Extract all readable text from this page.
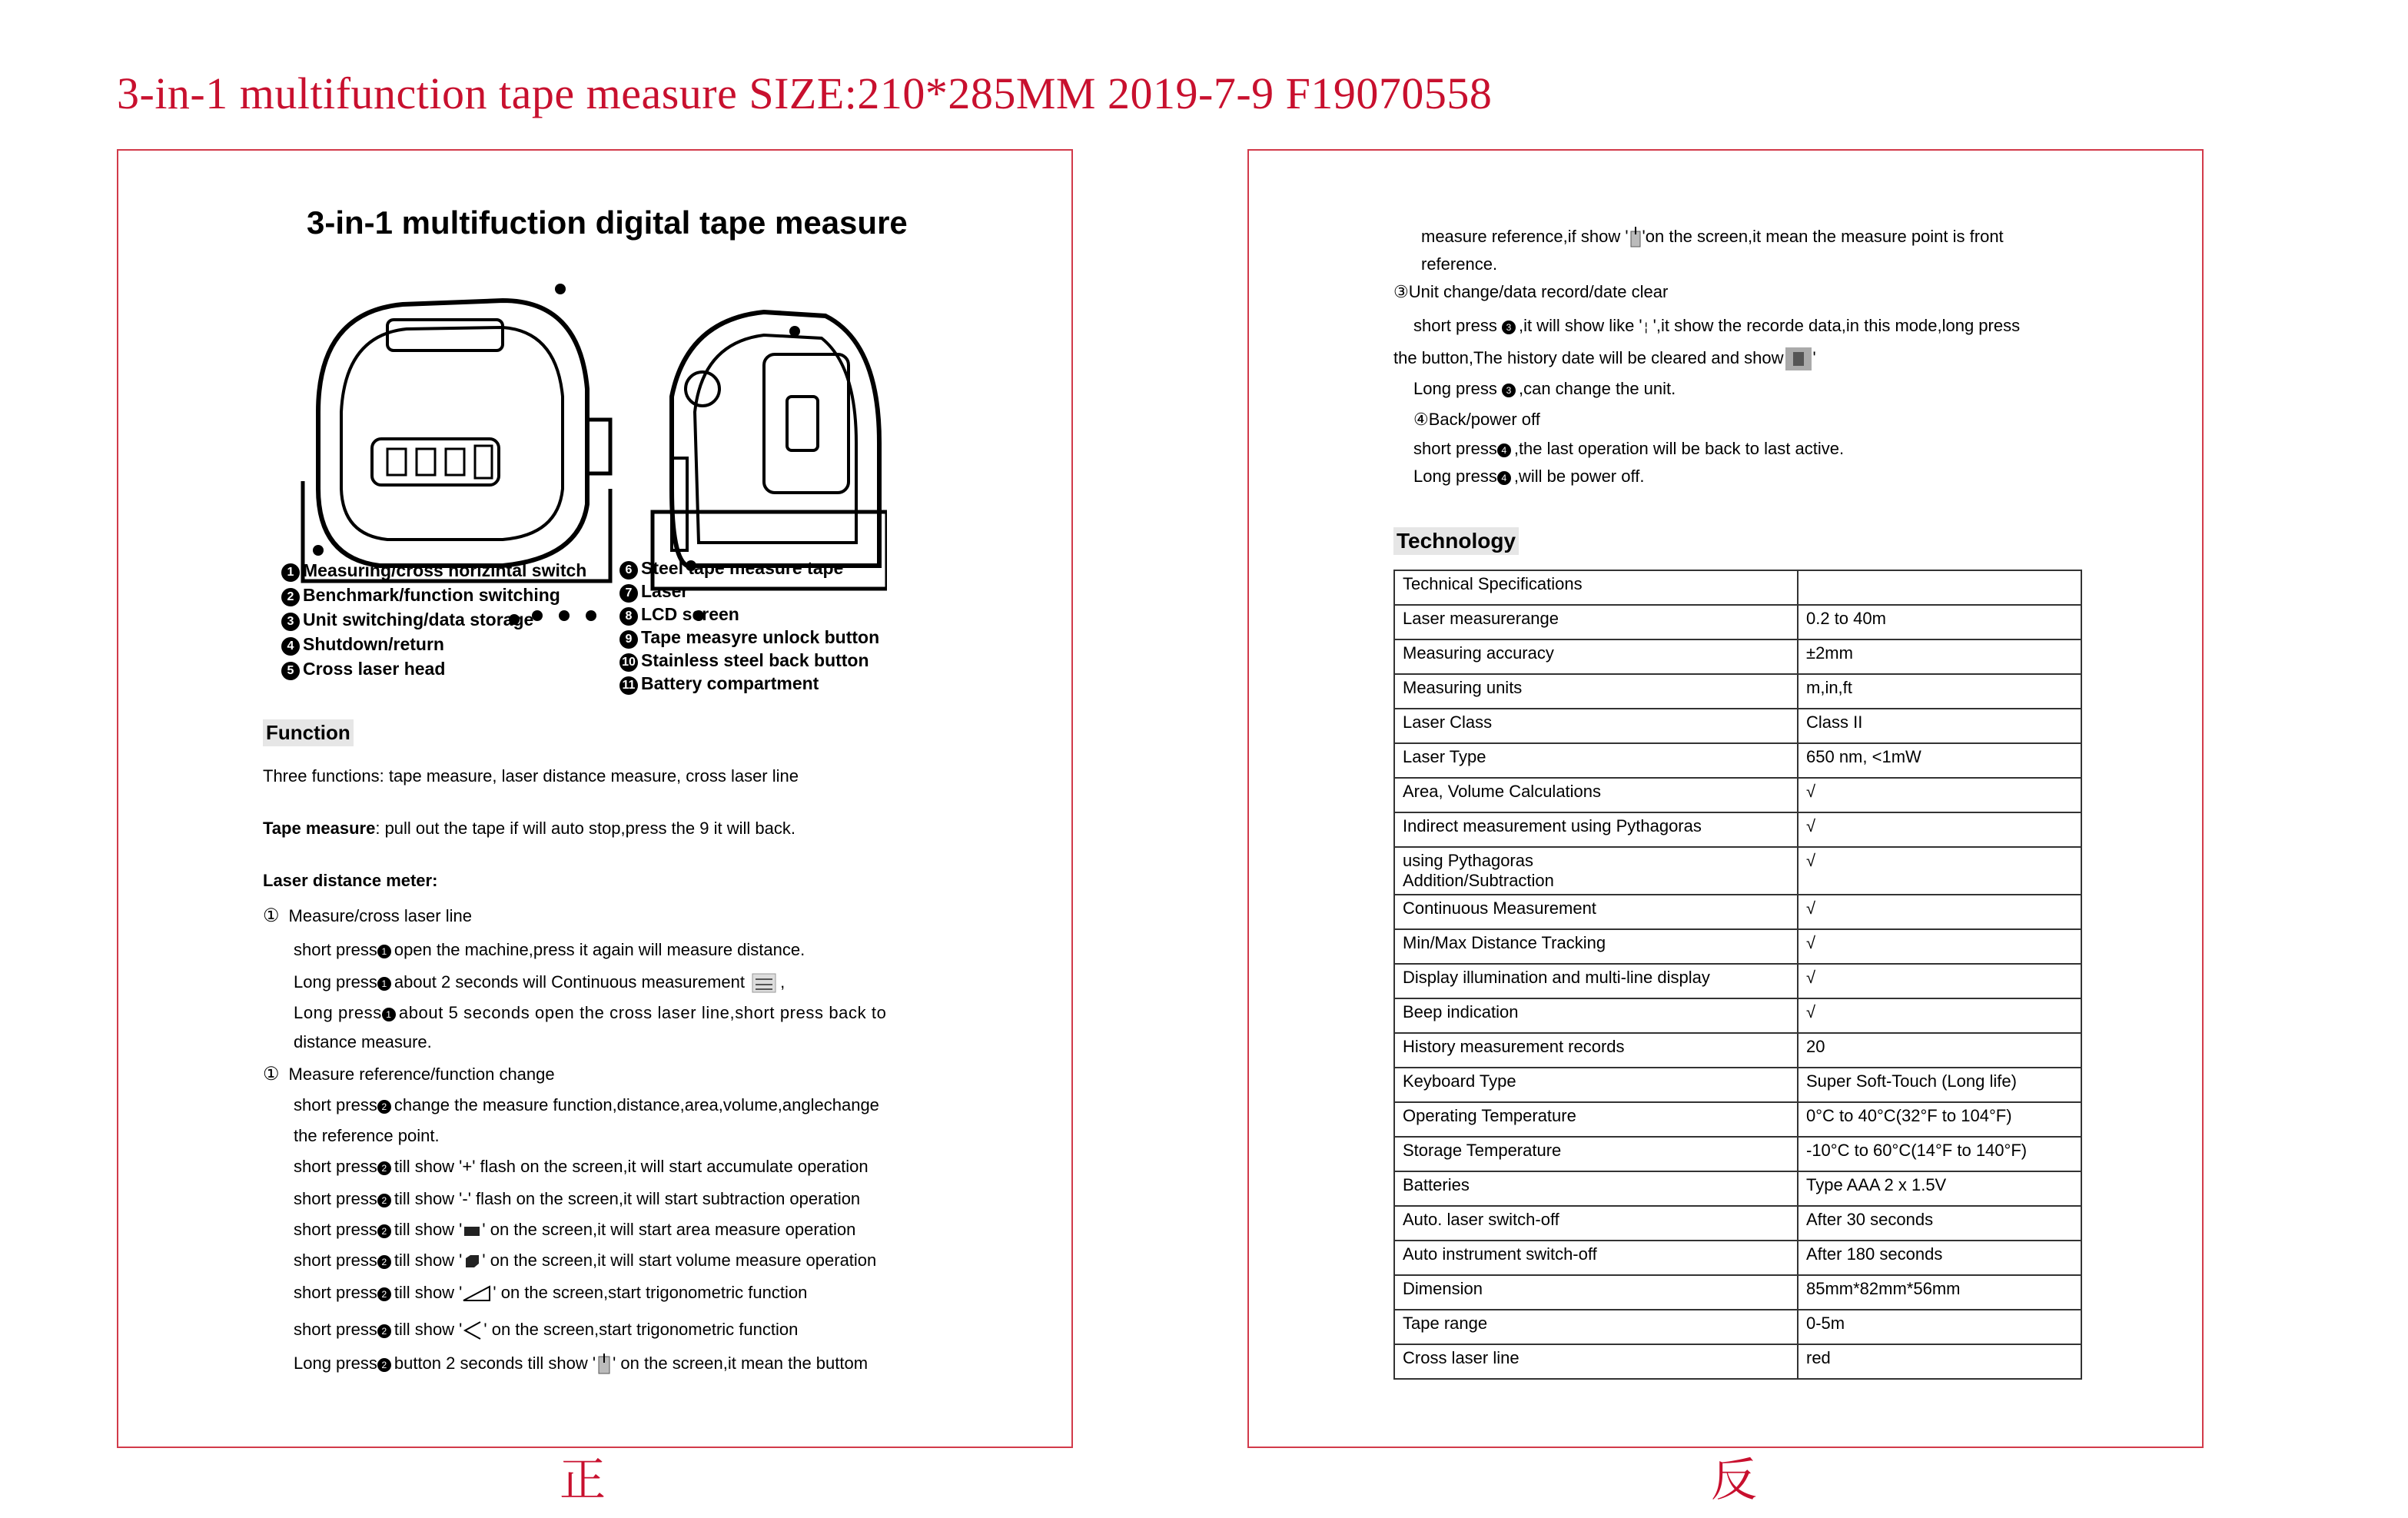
3-in-1 multifunction tape measure SIZE:210*285MM 2019-7-9 F19070558
3-in-1 multifuction digital tape measure
1 Measuring/cross horizintal switch
2 Benchmark/function switching
3 Unit switching/data storage
4 Shutdown/return
5 Cross laser head
6 Steel tape measure tape
7 Laser
8 LCD screen
9 Tape measyre unlock button
10 Stainless steel back button
11 Battery compartment
Function
Three functions: tape measure, laser distance measure, cross laser line
Tape measure: pull out the tape if will auto stop,press the 9 it will back.
Laser distance meter:
① Measure/cross laser line
short press 1 open the machine,press it again will measure distance.
Long press 1 about 2 seconds will Continuous measurement ,
Long press 1 about 5 seconds open the cross laser line,short press back to
distance measure.
① Measure reference/function change
short press 2 change the measure function,distance,area,volume,anglechange
the reference point.
short press 2 till show '+' flash on the screen,it will start accumulate operation
short press 2 till show '-' flash on the screen,it will start subtraction operation
short press 2 till show ' ' on the screen,it will start area measure operation
short press 2 till show ' ' on the screen,it will start volume measure operation
short press 2 till show ' ' on the screen,start trigonometric function
short press 2 till show ' ' on the screen,start trigonometric function
Long press 2 button 2 seconds till show ' ' on the screen,it mean the buttom
measure reference,if show ' 'on the screen,it mean the measure point is front
reference.
③Unit change/data record/date clear
short press 3 ,it will show like ' ¦ ',it show the recorde data,in this mode,long press
the button,The history date will be cleared and show '
Long press 3 ,can change the unit.
④Back/power off
short press 4 ,the last operation will be back to last active.
Long press 4 ,will be power off.
Technology
Technical Specifications	
Laser measurerange	0.2 to 40m
Measuring accuracy	±2mm
Measuring units	m,in,ft
Laser Class	Class II
Laser Type	650 nm, <1mW
Area, Volume Calculations	√
Indirect measurement using Pythagoras	√
using Pythagoras
Addition/Subtraction	√
Continuous Measurement	√
Min/Max Distance Tracking	√
Display illumination and multi-line display	√
Beep indication	√
History measurement records	20
Keyboard Type	Super Soft-Touch (Long life)
Operating Temperature	0°C to 40°C(32°F to 104°F)
Storage Temperature	-10°C to 60°C(14°F to 140°F)
Batteries	Type AAA 2 x 1.5V
Auto. laser switch-off	After 30 seconds
Auto instrument switch-off	After 180 seconds
Dimension	85mm*82mm*56mm
Tape range	0-5m
Cross laser line	red
正	反
